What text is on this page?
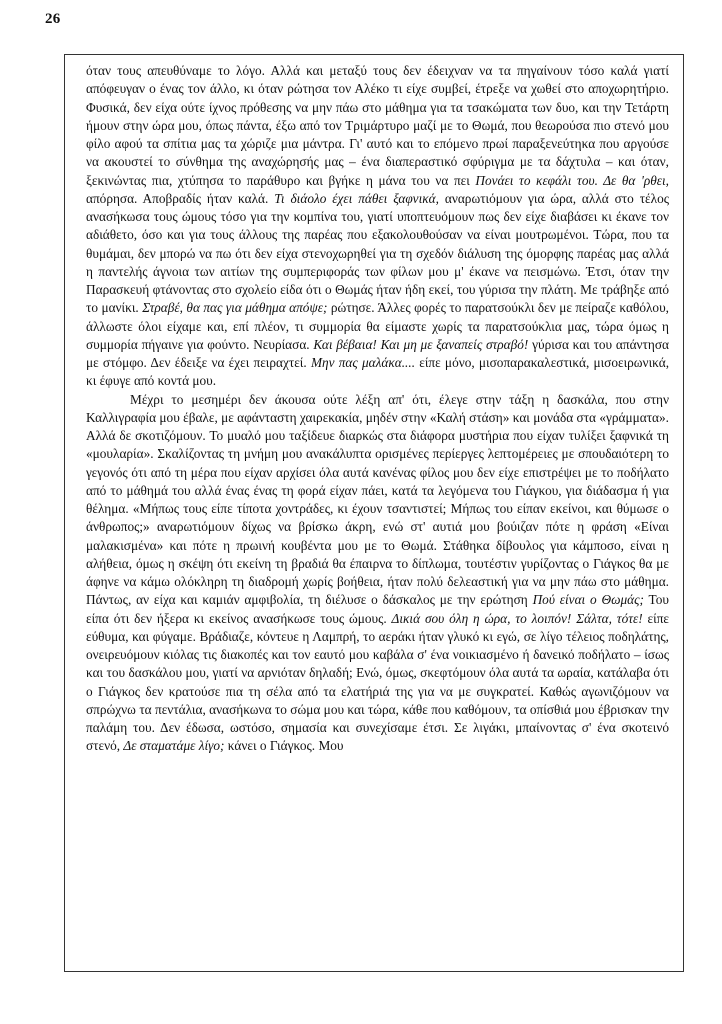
26

όταν τους απευθύναμε το λόγο. Αλλά και μεταξύ τους δεν έδειχναν να τα πηγαίνουν τόσο καλά γιατί απόφευγαν ο ένας τον άλλο, κι όταν ρώτησα τον Αλέκο τι είχε συμβεί, έτρεξε να χωθεί στο αποχωρητήριο. Φυσικά, δεν είχα ούτε ίχνος πρόθεσης να μην πάω στο μάθημα για τα τσακώματα των δυο, και την Τετάρτη ήμουν στην ώρα μου, όπως πάντα, έξω από τον Τριμάρτυρο μαζί με το Θωμά, που θεωρούσα πιο στενό μου φίλο αφού τα σπίτια μας τα χώριζε μια μάντρα. Γι' αυτό και το επόμενο πρωί παραξενεύτηκα που αργούσε να ακουστεί το σύνθημα της αναχώρησής μας – ένα διαπεραστικό σφύριγμα με τα δάχτυλα – και όταν, ξεκινώντας πια, χτύπησα το παράθυρο και βγήκε η μάνα του να πει Πονάει το κεφάλι του. Δε θα 'ρθει, απόρησα. Αποβραδίς ήταν καλά. Τι διάολο έχει πάθει ξαφνικά, αναρωτιόμουν για ώρα, αλλά στο τέλος ανασήκωσα τους ώμους τόσο για την κομπίνα του, γιατί υποπτευόμουν πως δεν είχε διαβάσει κι έκανε τον αδιάθετο, όσο και για τους άλλους της παρέας που εξακολουθούσαν να είναι μουτρωμένοι. Τώρα, που τα θυμάμαι, δεν μπορώ να πω ότι δεν είχα στενοχωρηθεί για τη σχεδόν διάλυση της όμορφης παρέας μας αλλά η παντελής άγνοια των αιτίων της συμπεριφοράς των φίλων μου μ' έκανε να πεισμώνω. Έτσι, όταν την Παρασκευή φτάνοντας στο σχολείο είδα ότι ο Θωμάς ήταν ήδη εκεί, του γύρισα την πλάτη. Με τράβηξε από το μανίκι. Στραβέ, θα πας για μάθημα απόψε; ρώτησε. Άλλες φορές το παρατσούκλι δεν με πείραζε καθόλου, άλλωστε όλοι είχαμε και, επί πλέον, τι συμμορία θα είμαστε χωρίς τα παρατσούκλια μας, τώρα όμως η συμμορία πήγαινε για φούντο. Νευρίασα. Και βέβαια! Και μη με ξαναπείς στραβό! γύρισα και του απάντησα με στόμφο. Δεν έδειξε να έχει πειραχτεί. Μην πας μαλάκα.... είπε μόνο, μισοπαρακαλεστικά, μισοειρωνικά, κι έφυγε από κοντά μου.

Μέχρι το μεσημέρι δεν άκουσα ούτε λέξη απ' ότι, έλεγε στην τάξη η δασκάλα, που στην Καλλιγραφία μου έβαλε, με αφάνταστη χαιρεκακία, μηδέν στην «Καλή στάση» και μονάδα στα «γράμματα». Αλλά δε σκοτιζόμουν. Το μυαλό μου ταξίδευε διαρκώς στα διάφορα μυστήρια που είχαν τυλίξει ξαφνικά τη «μουλαρία». Σκαλίζοντας τη μνήμη μου ανακάλυπτα ορισμένες περίεργες λεπτομέρειες με σπουδαιότερη το γεγονός ότι από τη μέρα που είχαν αρχίσει όλα αυτά κανένας φίλος μου δεν είχε επιστρέψει με το ποδήλατο από το μάθημά του αλλά ένας ένας τη φορά είχαν πάει, κατά τα λεγόμενα του Γιάγκου, για διάδασμα ή για θέλημα. «Μήπως τους είπε τίποτα χοντράδες, κι έχουν τσαντιστεί; Μήπως του είπαν εκείνοι, και θύμωσε ο άνθρωπος;» αναρωτιόμουν δίχως να βρίσκω άκρη, ενώ στ' αυτιά μου βούιζαν πότε η φράση «Είναι μαλακισμένα» και πότε η πρωινή κουβέντα μου με το Θωμά. Στάθηκα δίβουλος για κάμποσο, είναι η αλήθεια, όμως η σκέψη ότι εκείνη τη βραδιά θα έπαιρνα το δίπλωμα, τουτέστιν γυρίζοντας ο Γιάγκος θα με άφηνε να κάμω ολόκληρη τη διαδρομή χωρίς βοήθεια, ήταν πολύ δελεαστική για να μην πάω στο μάθημα. Πάντως, αν είχα και καμιάν αμφιβολία, τη διέλυσε ο δάσκαλος με την ερώτηση Πού είναι ο Θωμάς; Του είπα ότι δεν ήξερα κι εκείνος ανασήκωσε τους ώμους. Δικιά σου όλη η ώρα, το λοιπόν! Σάλτα, τότε! είπε εύθυμα, και φύγαμε. Βράδιαζε, κόντευε η Λαμπρή, το αεράκι ήταν γλυκό κι εγώ, σε λίγο τέλειος ποδηλάτης, ονειρευόμουν κιόλας τις διακοπές και τον εαυτό μου καβάλα σ' ένα νοικιασμένο ή δανεικό ποδήλατο – ίσως και του δασκάλου μου, γιατί να αρνιόταν δηλαδή; Ενώ, όμως, σκεφτόμουν όλα αυτά τα ωραία, κατάλαβα ότι ο Γιάγκος δεν κρατούσε πια τη σέλα από τα ελατήριά της για να με συγκρατεί. Καθώς αγωνιζόμουν να σπρώχνω τα πεντάλια, ανασήκωνα το σώμα μου και τώρα, κάθε που καθόμουν, τα οπίσθιά μου έβρισκαν την παλάμη του. Δεν έδωσα, ωστόσο, σημασία και συνεχίσαμε έτσι. Σε λιγάκι, μπαίνοντας σ' ένα σκοτεινό στενό, Δε σταματάμε λίγο; κάνει ο Γιάγκος. Μου
